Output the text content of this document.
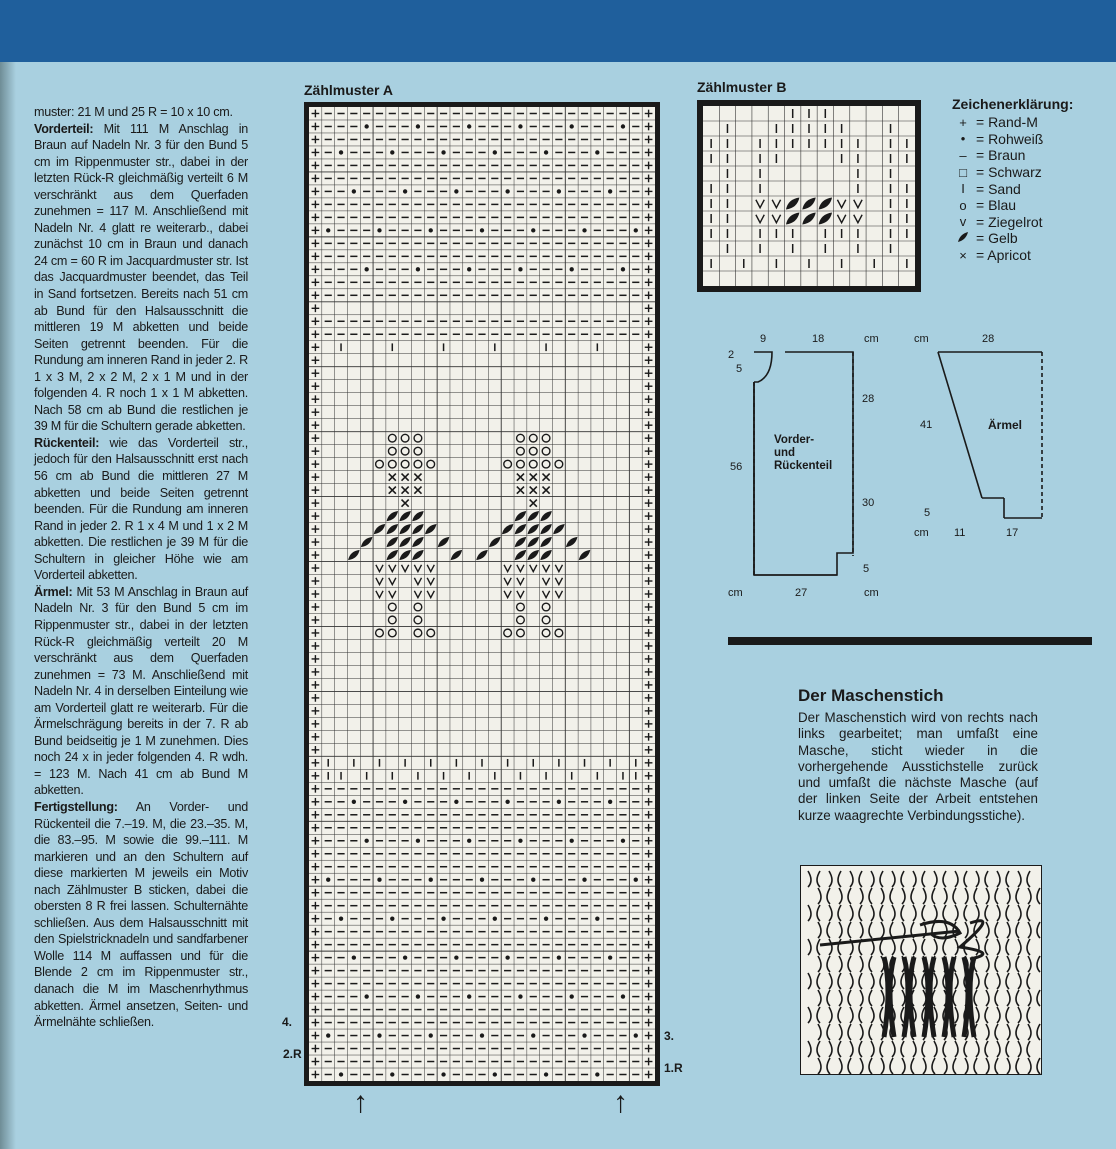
muster: 21 M und 25 R = 10 x 10 cm.

Vorderteil: Mit 111 M Anschlag in Braun auf Nadeln Nr. 3 für den Bund 5 cm im Rippenmuster str., dabei in der letzten Rück-R gleichmäßig verteilt 6 M verschränkt aus dem Querfaden zunehmen = 117 M. Anschließend mit Nadeln Nr. 4 glatt re weiterarb., dabei zunächst 10 cm in Braun und danach 24 cm = 60 R im Jacquardmuster str. Ist das Jacquardmuster beendet, das Teil in Sand fortsetzen. Bereits nach 51 cm ab Bund für den Halsausschnitt die mittleren 19 M abketten und beide Seiten getrennt beenden. Für die Rundung am inneren Rand in jeder 2. R 1 x 3 M, 2 x 2 M, 2 x 1 M und in der folgenden 4. R noch 1 x 1 M abketten. Nach 58 cm ab Bund die restlichen je 39 M für die Schultern gerade abketten.

Rückenteil: wie das Vorderteil str., jedoch für den Halsausschnitt erst nach 56 cm ab Bund die mittleren 27 M abketten und beide Seiten getrennt beenden. Für die Rundung am inneren Rand in jeder 2. R 1 x 4 M und 1 x 2 M abketten. Die restlichen je 39 M für die Schultern in gleicher Höhe wie am Vorderteil abketten.

Ärmel: Mit 53 M Anschlag in Braun auf Nadeln Nr. 3 für den Bund 5 cm im Rippenmuster str., dabei in der letzten Rück-R gleichmäßig verteilt 20 M verschränkt aus dem Querfaden zunehmen = 73 M. Anschließend mit Nadeln Nr. 4 in derselben Einteilung wie am Vorderteil glatt re weiterarb. Für die Ärmelschrägung bereits in der 7. R ab Bund beidseitig je 1 M zunehmen. Dies noch 24 x in jeder folgenden 4. R wdh. = 123 M. Nach 41 cm ab Bund M abketten.

Fertigstellung: An Vorder- und Rückenteil die 7.–19. M, die 23.–35. M, die 83.–95. M sowie die 99.–111. M markieren und an den Schultern auf diese markierten M jeweils ein Motiv nach Zählmuster B sticken, dabei die obersten 8 R frei lassen. Schulternähte schließen. Aus dem Halsausschnitt mit den Spielstricknadeln und sandfarbener Wolle 114 M auffassen und für die Blende 2 cm im Rippenmuster str., danach die M im Maschenrhythmus abketten. Ärmel ansetzen, Seiten- und Ärmelnähte schließen.

Zählmuster A
4.
2.R
3.
1.R
↑	↑
Zählmuster B
Zeichenerklärung:
+ = Rand-M
• = Rohweiß
– = Braun
□ = Schwarz
I = Sand
o = Blau
v = Ziegelrot
= Gelb
× = Apricot
9	18	cm
2
5
56
28
30
5
cm	27	cm
Vorder-
und
Rückenteil
cm	28
41
5
cm 11	17
Ärmel
Der Maschenstich
Der Maschenstich wird von rechts nach links gearbeitet; man umfaßt eine Masche, sticht wieder in die vorhergehende Ausstichstelle zurück und umfaßt die nächste Masche (auf der linken Seite der Arbeit entstehen kurze waagrechte Verbindungsstiche).
